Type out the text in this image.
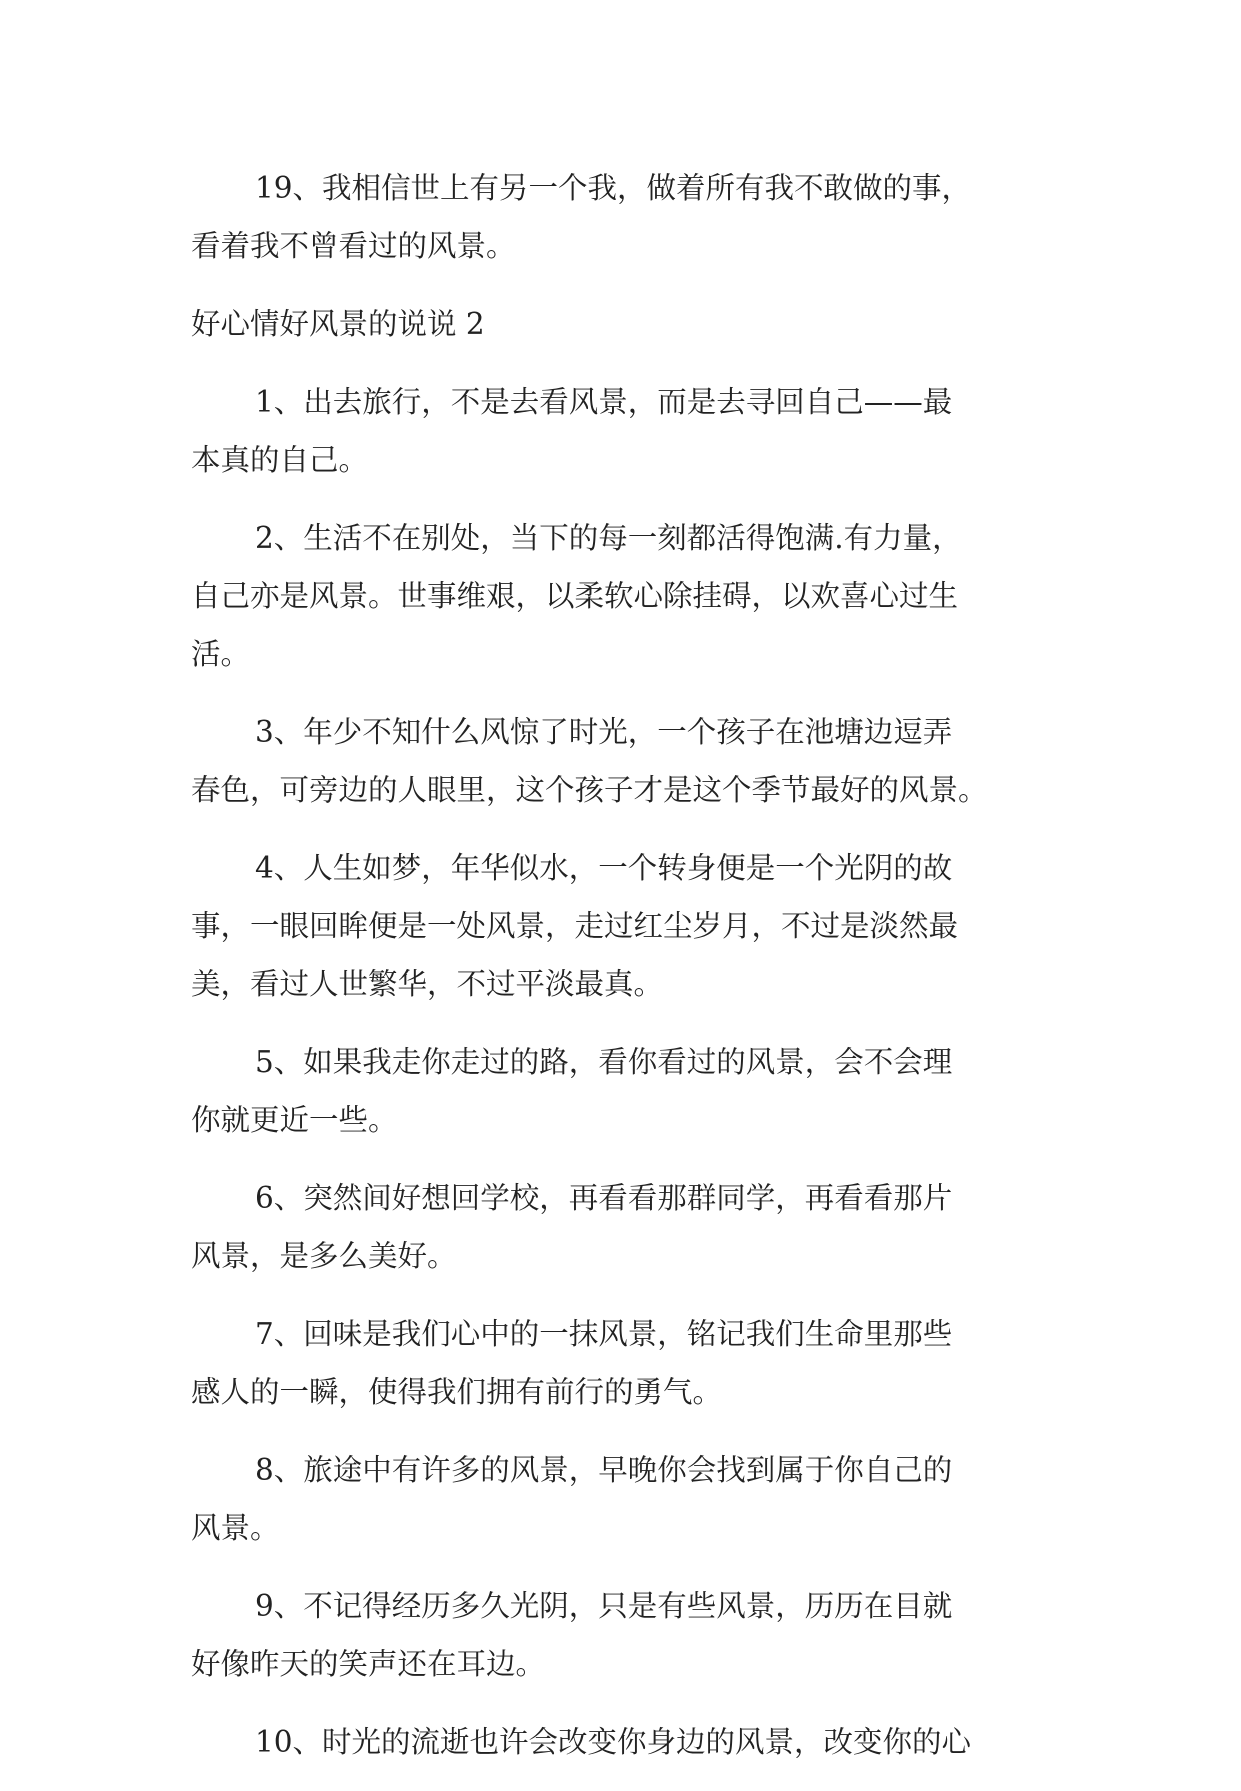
19、我相信世上有另一个我，做着所有我不敢做的事，
看着我不曾看过的风景。

好心情好风景的说说 2

1、出去旅行，不是去看风景，而是去寻回自己——最
本真的自己。

2、生活不在别处，当下的每一刻都活得饱满.有力量，
自己亦是风景。世事维艰，以柔软心除挂碍，以欢喜心过生
活。

3、年少不知什么风惊了时光，一个孩子在池塘边逗弄
春色，可旁边的人眼里，这个孩子才是这个季节最好的风景。

4、人生如梦，年华似水，一个转身便是一个光阴的故
事，一眼回眸便是一处风景，走过红尘岁月，不过是淡然最
美，看过人世繁华，不过平淡最真。

5、如果我走你走过的路，看你看过的风景，会不会理
你就更近一些。

6、突然间好想回学校，再看看那群同学，再看看那片
风景，是多么美好。

7、回味是我们心中的一抹风景，铭记我们生命里那些
感人的一瞬，使得我们拥有前行的勇气。

8、旅途中有许多的风景，早晚你会找到属于你自己的
风景。

9、不记得经历多久光阴，只是有些风景，历历在目就
好像昨天的笑声还在耳边。

10、时光的流逝也许会改变你身边的风景，改变你的心
